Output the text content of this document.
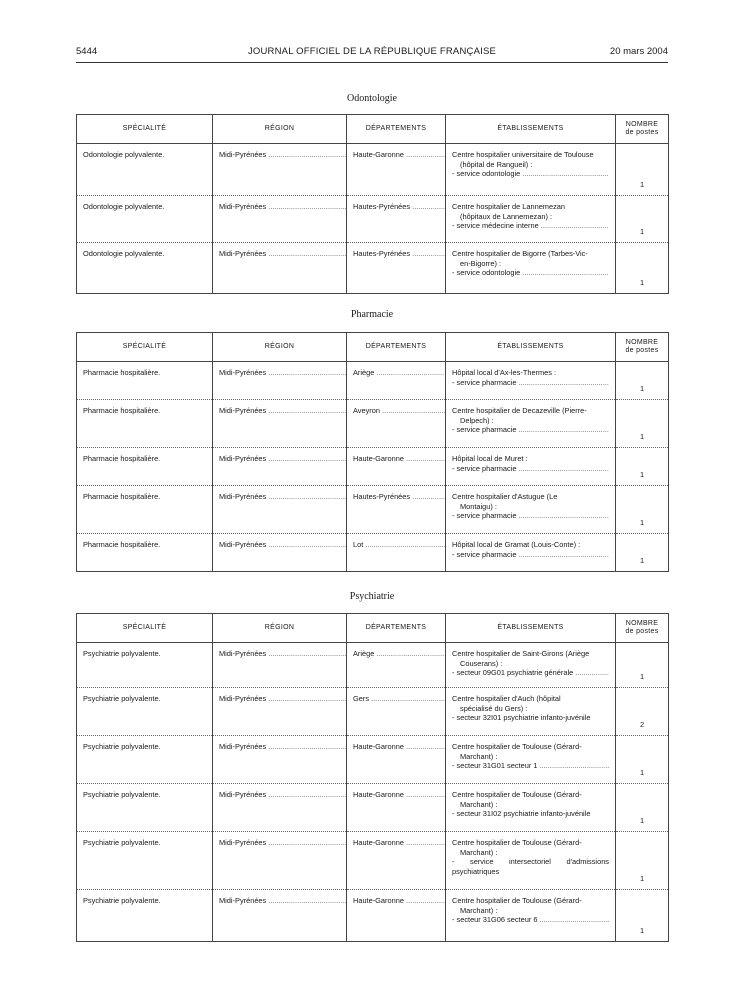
5444	JOURNAL OFFICIEL DE LA RÉPUBLIQUE FRANÇAISE	20 mars 2004
Odontologie
SPÉCIALITÉ	RÉGION	DÉPARTEMENTS	ÉTABLISSEMENTS	NOMBRE
de postes

Odontologie polyvalente.	Midi-Pyrénées .....	Haute-Garonne .....	Centre hospitalier universitaire de Toulouse
(hôpital de Rangueil) :
- service odontologie .....	1
Odontologie polyvalente.	Midi-Pyrénées .....	Hautes-Pyrénées .....	Centre hospitalier de Lannemezan
(hôpitaux de Lannemezan) :
- service médecine interne .....	1
Odontologie polyvalente.	Midi-Pyrénées .....	Hautes-Pyrénées .....	Centre hospitalier de Bigorre (Tarbes-Vic-
en-Bigorre) :
- service odontologie .....	1
Pharmacie
SPÉCIALITÉ	RÉGION	DÉPARTEMENTS	ÉTABLISSEMENTS	NOMBRE
de postes

Pharmacie hospitalière.	Midi-Pyrénées .....	Ariège .....	Hôpital local d'Ax-les-Thermes :
- service pharmacie .....	1
Pharmacie hospitalière.	Midi-Pyrénées .....	Aveyron .....	Centre hospitalier de Decazeville (Pierre-
Delpech) :
- service pharmacie .....	1
Pharmacie hospitalière.	Midi-Pyrénées .....	Haute-Garonne .....	Hôpital local de Muret :
- service pharmacie .....	1
Pharmacie hospitalière.	Midi-Pyrénées .....	Hautes-Pyrénées .....	Centre hospitalier d'Astugue (Le
Montaigu) :
- service pharmacie .....	1
Pharmacie hospitalière.	Midi-Pyrénées .....	Lot .....	Hôpital local de Gramat (Louis-Conte) :
- service pharmacie .....	1
Psychiatrie
SPÉCIALITÉ	RÉGION	DÉPARTEMENTS	ÉTABLISSEMENTS	NOMBRE
de postes

Psychiatrie polyvalente.	Midi-Pyrénées .....	Ariège .....	Centre hospitalier de Saint-Girons (Ariège
Couserans) :
- secteur 09G01 psychiatrie générale .....	1
Psychiatrie polyvalente.	Midi-Pyrénées .....	Gers .....	Centre hospitalier d'Auch (hôpital
spécialisé du Gers) :
- secteur 32I01 psychiatrie infanto-juvénile	2
Psychiatrie polyvalente.	Midi-Pyrénées .....	Haute-Garonne .....	Centre hospitalier de Toulouse (Gérard-
Marchant) :
- secteur 31G01 secteur 1 .....	1
Psychiatrie polyvalente.	Midi-Pyrénées .....	Haute-Garonne .....	Centre hospitalier de Toulouse (Gérard-
Marchant) :
- secteur 31I02 psychiatrie infanto-juvénile	1
Psychiatrie polyvalente.	Midi-Pyrénées .....	Haute-Garonne .....	Centre hospitalier de Toulouse (Gérard-
Marchant) :
- service intersectoriel d'admissions psychiatriques	1
Psychiatrie polyvalente.	Midi-Pyrénées .....	Haute-Garonne .....	Centre hospitalier de Toulouse (Gérard-
Marchant) :
- secteur 31G06 secteur 6 .....	1
